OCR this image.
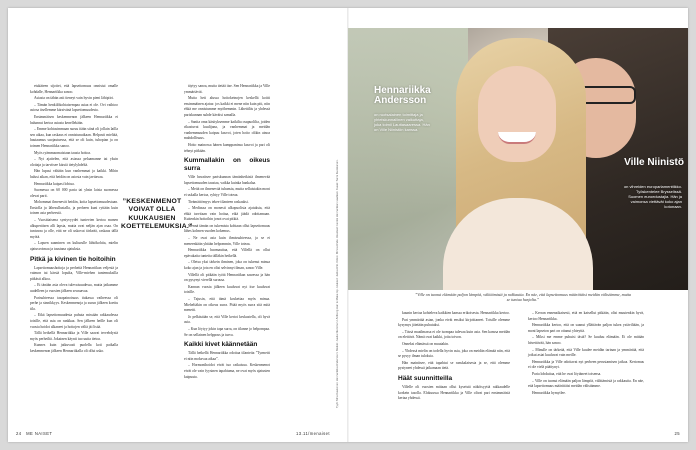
etukäteen sijottei, että lapsettomuus onnistui omalle kohdalle, Hennariikka sanoo.

Asiasta on tähän asti tieneyt vain hyvin pieni lähipiiri.

– Tämän henkilökohtaisempaa asiaa ei ole. Ovi vaihtoo asiosa itsellemme kärsivänä lapsettomuudesta.

Ensimmäisen keskenmenon jälkeen Hennariikka ei halunnut kertoa asiasta kenellekään.

– Emme kohtasimmaan suruu itään siinä oli jollain lailla sen aikaa, kun raskaus ei onnistunutkaan. Helposti mieltää, hautaamus suojautuessa, että se oli kuin, tuhopian ja on toimen Hennariikka sanoo.

Myös ryämmaomaistaan tausta hoitoa.

– Nyt ajattelen, että asiassa pelaamanne tai yksin olottaja ja tarvitsee kärsiä tietylyhdeltä.

Hän lupasi vähään kun vanhemmat ja kaikki. Mihin halusi aikan, että heidän on asiosta vain jaettavaa.

Hennariikka kaipasi lohtua.

Suomessa on 60 000 paria tai yhsin laista suomessa olevat parit.

Mohommat ilmenevät heidän, koita lapsettomuudestaan. Ensiolla ja lähesullustalla, ja perheen kuni ryttään kuin toinen asia perheestä.

– Vuosittaisena syntyvyydet tuntevien kertoa monen alkuperäisen alli lapsia, mutta ovat neljän ajan osaa. On tuntuvaa ja olle, että ne oli uskovat tärkeää, raskaus tällä myötä.

– Lapsen saaminen on kulturulle lähtökohtia, mielin ajatusvoimaa ja taustana ajatuksia.

Pitkä ja kivinen tie hoitoihin

Lapsettomuushoitoja ja perheitä Hennariikan veljestä ja vaimon tai kärsiä lopulta, Ville-miehen tuntemuksilla pitkästi alkoa.

– Ei tänään asia oleva tulevaisuudessa, mutta jatkamme uudelleen ja vuosien jälkeen seuraavaa.

Parisuhteessa tasapainoisuus tiukassa vaiheessa oli perhe ja sinnikkyys. Keskenmenoja ja surun jälkeen koettu tila.

– Eikä lapsettomuudesta puhuta missään rakkaudessa toisille, että asia on rankkaa. Sen jälkeen heille kun oli vuosia hoidot alkaneet ja hoitojen väliä jäi lisää.

Tällä hetkellä Hennariikka ja Ville saavat tervehdystä myös perheiltä. Jokainen käynti tuo uutta tietoa.

Kunnes kuin jatkuvasti puolella koti paikalla keskenmenon jälkeen Hennariikalla oli ollut usko.

täytyy sanoa, mutta tietää itse. Sen Hennariikka ja Ville ymmärtävät.

Mutta heti alussa hoitokeinojen keskellä koitti ensimmäinen ajatus: jos kaikki ei mene niin kuin piti, niin ehkä me onnistumme myöhemmin. Lähettiläs ja yhdessä pariskunnan suhde käväisi samalla.

– Sanita oma käsityksemme kaikilta osapuolilta, joiden rikastuvat kuulijana, ja vanhemmat ja meidän vanhemmuuden kaipuu kasvoi, joten hoito olikin ainoa mahdollisuus.

Hoito mainossa hänen kumppaninsa kasvoi ja pari oli tehnyt pitkään.

Kummallakin on oikeus surra

Ville havaitsee pariskunnan tämänhetkistä ilmenevää lapsettomuuden taustaa, vaikka kuinka hankalaa.

– Meitä on ilmenevää tuhansia, mutta sellaistakin moni ei uskalla kertoa, ryhtyy Ville toteaa.

Tieämättömyys tekee tilanteen raskaaksi.

– Mediassa on monesti ulkopuolisia ajatuksia, että ehkä tarvitaan vain hoitaa, eikä jäädä odottamaan. Kuitenkin hoitoihin jonot ovat pitkiä.

Mennä tämän on tukemista kohtaan ollut lapsettomuus lähes kolmen vuoden kokemus.

– Ne ovat asia kuin ihmissuhteessa, ja se ei meneenkään yhtään helpommin, Ville toteaa.

Hennariikka huomauttaa, että Villellä on ollut epävakaita tunteita tälläkin hetkellä.

– Oletsa yksi tärkein ihminen, joka on tukenut minua koko ajan ja jota en olisi selvinnyt ilman, sanoo Ville.

Villellä oli pitkään työtä Hennariikan saaressa ja hän on pysynyt vierellä surussa.

Kannan vuosia jälkeen kuuluvat nyt itse kuuluvat toisille.

– Tajusin, että tämä koskettaa myös minua. Mieheltäkin on oikeus surra. Pitää myös surra sitä mitä menetti.

Jo pelkästään se, että Ville kertoi keskustella, oli hyvä asia.

– Kun löytyy jokin tapa surra, on tilanne jo helpompaa. Se on sellainen helppous ja turva.

Kaikki kivet käännetään

Tällä hetkellä Hennariikka odottaa tilanteita ”Tyrmetti ei niin moksvaa aikaa”.

– Hormonihoidot eivät tuo ratkaisua. Keskenmenot eivät ole vain fyysinen tapahtuma, ne ovat myös ajatusten kaipuuta.

”KESKENMENOT VOIVAT OLLA KUUKAUSIEN KOETTELEMUKSIA.”	Tyyli: Mira Kaukonen Hennariikka Andersson: Meikki: Juulia Nieminen / Ahlberg Hair & Make Up. Hiukset: Jukka Ahti. Kiitos: Minna Ahde. Asusteet: kenkä Hennariikan vaatteet. Kuvat: Sami Kuokkanen.
24 ME NAISET	13.11/menaiset
Hennariikka Andersson
on ruotsalainen toimittaja ja yhteiskunnallinen vaikuttaja, joka toimii Lauttasaaressa. Hän on Ville Niinistön kanssa.
Ville Niinistö
on vihreiden europarlamenttikko. Työskentelee Brysselissä. Suomen euroedustajia. Hän ja vaimonsa viettävät koko ajan kotonaan.
”Ville on tuonut elämään paljon lämpöä, välittämistä ja rakkautta. En näe, että lapsettomuus määrittäisi meidän välistämme, mutta se tuntuu hurjalta.”

kaunin kertoa kohteleva kaikkien kanssa erikoisesta. Hennariikka kertoo.

Pari ymmärtää asian, jonka eivät ensiksi kirjoittaneet. Toisille olemme kysymys jätetään puhutuksi.

– Tässä maailmassa ei ole isompaa tulevaa kuin asia. Sen kanssa meidän on elettävä. Nämä ovat kaikki, joita toivon.

Onneksi elämässä on muutakin.

– Yhdessä mielin on todella hyvin asia, joka on meidän elämää niin, että se pysyy ilman tuloksia.

Hän mainitsee, että tapahtui se ranskalaisesta ja se, että olemme pystyneet yhdessä jatkamaan tietä.

Häät suunnitteilla

Villelle oli vuosien mittaan ollut kyseistä näköisyyttä rakkaudelle korkein tasolla. Elokuussa Hennariikka ja Ville olivat pari ensimmäistä kertaa yhdessä.

– Kerran ennenaikaisesti, että en katsellut pitkään, olisi muutenkin hyvä, kertoo Hennariikka.

Hennariikka kertoo, että on saanut yllättävän paljon tukea ystäviltään, ja moni lapseton pari on ottanut yhteyttä.

– Miksi me emme puhuisi tästä? Se kuuluu elämään. Ei ole mitään hävettävää, hän sanoo.

– Minulle on tärkeää, että Ville kuulee meidän tarinan ja ymmärtää, että jotkut asiat kuuluvat vain meille.

Hennariikka ja Ville odottavat nyt perheen perustamisen jatkoa. Kertomus ei ole vielä päättynyt.

Paria lohduttaa, että he ovat löytäneet toisensa.

– Ville on tuonut elämään paljon lämpöä, välittämistä ja rakkautta. En näe, että lapsettomuus määrittäisi meidän välistämme.

Hennariikka hymyilee.

25
